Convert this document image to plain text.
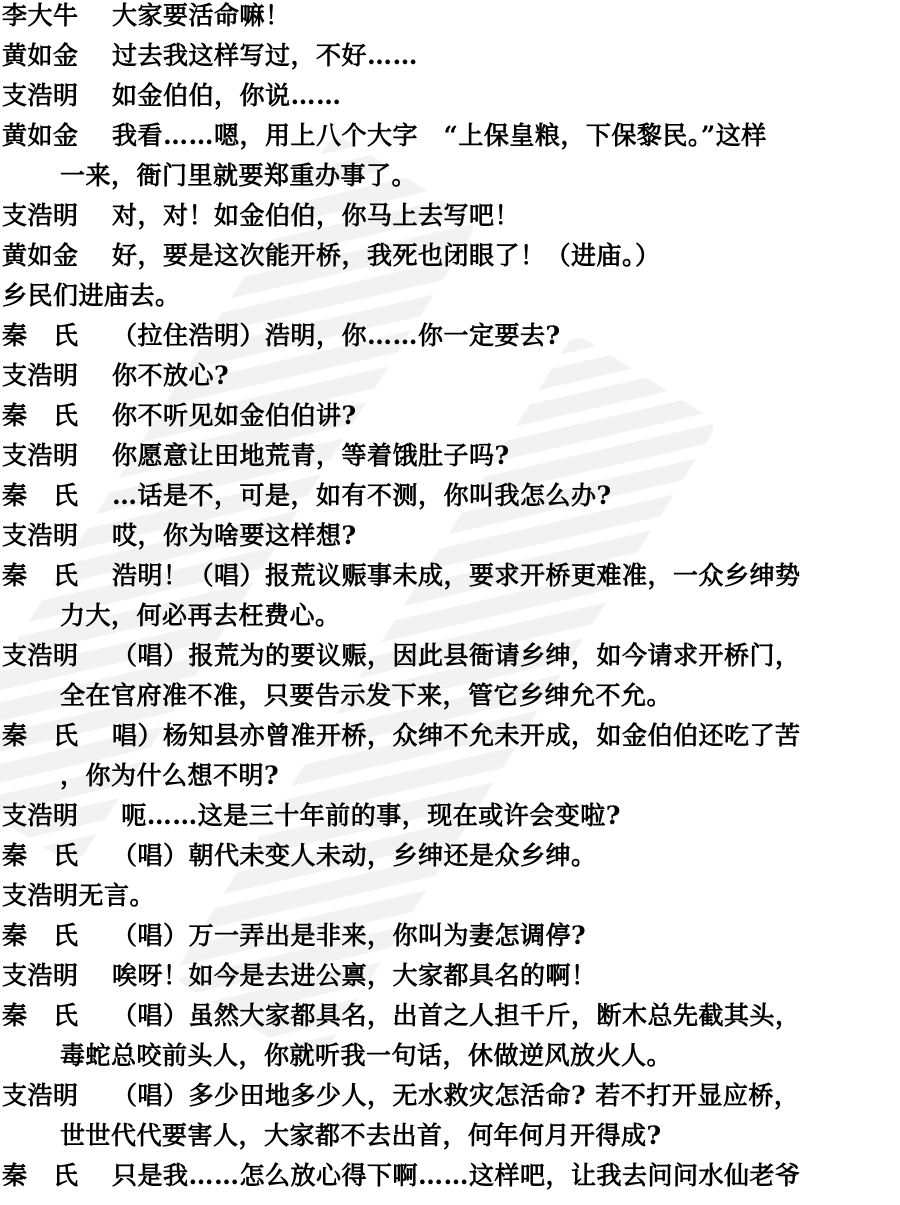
李大牛 大家要活命嘛！
黄如金 过去我这样写过，不好……
支浩明 如金伯伯，你说……
黄如金 我看……嗯，用上八个大字　“上保皇粮，下保黎民。”这样
一来，衙门里就要郑重办事了。
支浩明 对，对！如金伯伯，你马上去写吧！
黄如金 好，要是这次能开桥，我死也闭眼了！（进庙。）
乡民们进庙去。
秦　氏 （拉住浩明）浩明，你……你一定要去?
支浩明 你不放心?
秦　氏 你不听见如金伯伯讲?
支浩明 你愿意让田地荒青，等着饿肚子吗?
秦　氏 …话是不，可是，如有不测，你叫我怎么办?
支浩明 哎，你为啥要这样想?
秦　氏 浩明！（唱）报荒议赈事未成，要求开桥更难准，一众乡绅势
力大，何必再去枉费心。
支浩明 （唱）报荒为的要议赈，因此县衙请乡绅，如今请求开桥门，
全在官府准不准，只要告示发下来，管它乡绅允不允。
秦　氏 唱）杨知县亦曾准开桥，众绅不允未开成，如金伯伯还吃了苦
，你为什么想不明?
支浩明 呃……这是三十年前的事，现在或许会变啦?
秦　氏 （唱）朝代未变人未动，乡绅还是众乡绅。
支浩明无言。
秦　氏 （唱）万一弄出是非来，你叫为妻怎调停?
支浩明 唉呀！如今是去进公禀，大家都具名的啊！
秦　氏 （唱）虽然大家都具名，出首之人担千斤，断木总先截其头，
毒蛇总咬前头人，你就听我一句话，休做逆风放火人。
支浩明 （唱）多少田地多少人，无水救灾怎活命? 若不打开显应桥，
世世代代要害人，大家都不去出首，何年何月开得成?
秦　氏 只是我……怎么放心得下啊……这样吧，让我去问问水仙老爷
